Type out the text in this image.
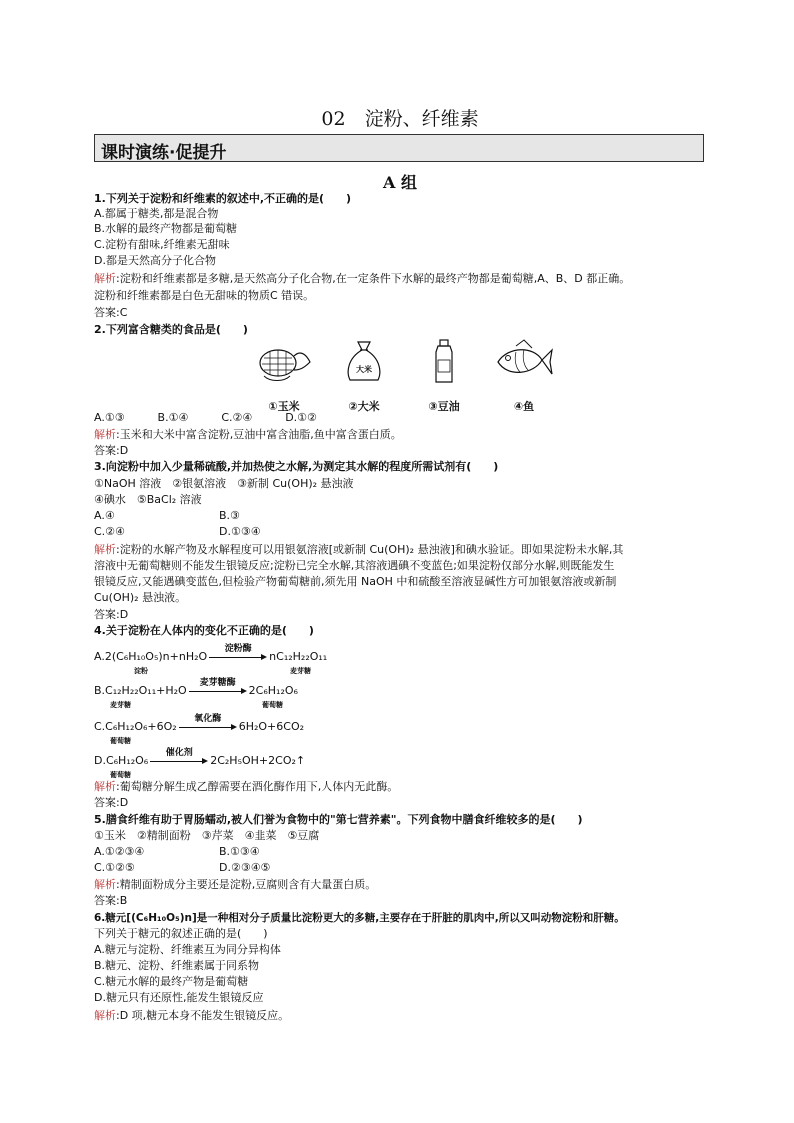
02　淀粉、纤维素
课时演练·促提升
A 组
1.下列关于淀粉和纤维素的叙述中,不正确的是(　　)
A.都属于糖类,都是混合物
B.水解的最终产物都是葡萄糖
C.淀粉有甜味,纤维素无甜味
D.都是天然高分子化合物
解析:淀粉和纤维素都是多糖,是天然高分子化合物,在一定条件下水解的最终产物都是葡萄糖,A、B、D 都正确。
淀粉和纤维素都是白色无甜味的物质C 错误。
答案:C
2.下列富含糖类的食品是(　　)
①玉米
大米
②大米	③豆油	④鱼
A.①③　　　B.①④　　　C.②④　　　D.①②
解析:玉米和大米中富含淀粉,豆油中富含油脂,鱼中富含蛋白质。
答案:D
3.向淀粉中加入少量稀硫酸,并加热使之水解,为测定其水解的程度所需试剂有(　　)
①NaOH 溶液　②银氨溶液　③新制 Cu(OH)₂ 悬浊液
④碘水　⑤BaCl₂ 溶液
A.④	B.③
C.②④	D.①③④
解析:淀粉的水解产物及水解程度可以用银氨溶液[或新制 Cu(OH)₂ 悬浊液]和碘水验证。即如果淀粉未水解,其
溶液中无葡萄糖则不能发生银镜反应;淀粉已完全水解,其溶液遇碘不变蓝色;如果淀粉仅部分水解,则既能发生
银镜反应,又能遇碘变蓝色,但检验产物葡萄糖前,须先用 NaOH 中和硫酸至溶液显碱性方可加银氨溶液或新制
Cu(OH)₂ 悬浊液。
答案:D
4.关于淀粉在人体内的变化不正确的是(　　)
A.2(C₆H₁₀O₅)n+nH₂O
淀粉酶
nC₁₂H₂₂O₁₁
淀粉	麦芽糖
B.C₁₂H₂₂O₁₁+H₂O
麦芽糖酶
2C₆H₁₂O₆
麦芽糖	葡萄糖
C.C₆H₁₂O₆+6O₂
氧化酶
6H₂O+6CO₂
葡萄糖
D.C₆H₁₂O₆
催化剂
2C₂H₅OH+2CO₂↑
葡萄糖
解析:葡萄糖分解生成乙醇需要在酒化酶作用下,人体内无此酶。
答案:D
5.膳食纤维有助于胃肠蠕动,被人们誉为食物中的"第七营养素"。下列食物中膳食纤维较多的是(　　)
①玉米　②精制面粉　③芹菜　④韭菜　⑤豆腐
A.①②③④	B.①③④
C.①②⑤	D.②③④⑤
解析:精制面粉成分主要还是淀粉,豆腐则含有大量蛋白质。
答案:B
6.糖元[(C₆H₁₀O₅)n]是一种相对分子质量比淀粉更大的多糖,主要存在于肝脏的肌肉中,所以又叫动物淀粉和肝糖。
下列关于糖元的叙述正确的是(　　)
A.糖元与淀粉、纤维素互为同分异构体
B.糖元、淀粉、纤维素属于同系物
C.糖元水解的最终产物是葡萄糖
D.糖元只有还原性,能发生银镜反应
解析:D 项,糖元本身不能发生银镜反应。
